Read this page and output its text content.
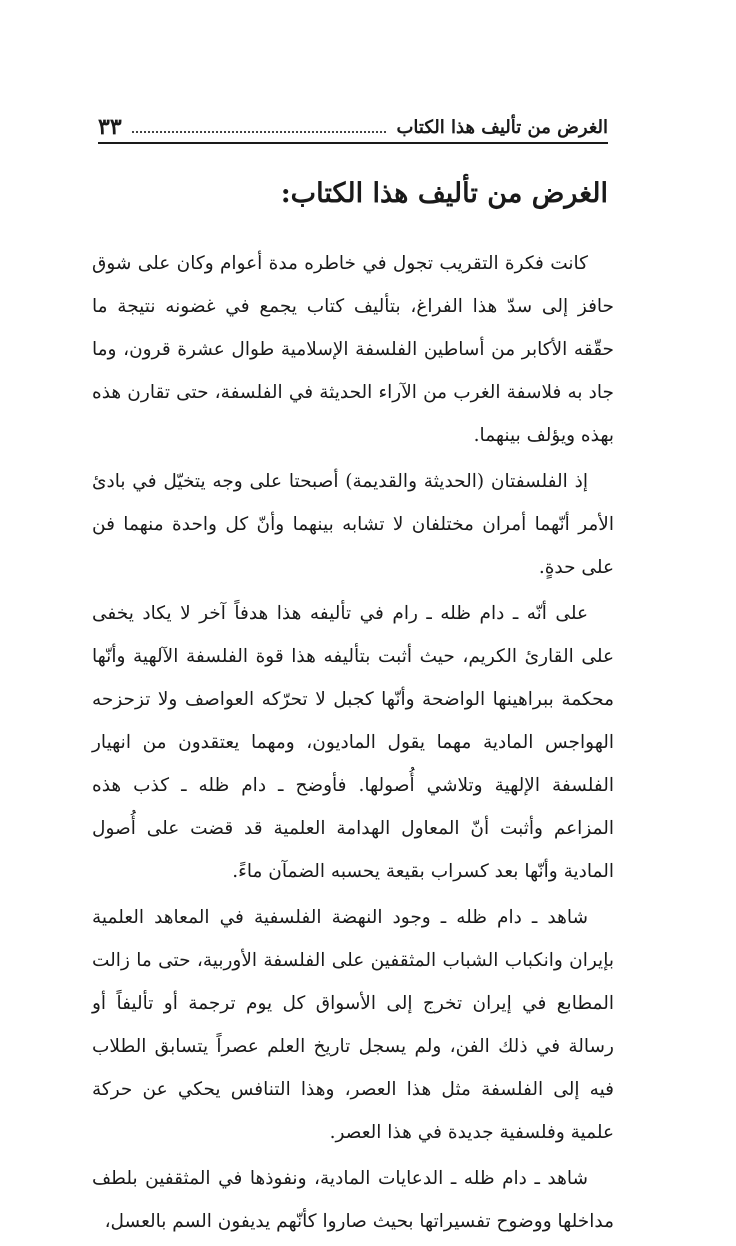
الغرض من تأليف هذا الكتاب
٣٣
الغرض من تأليف هذا الكتاب:

كانت فكرة التقريب تجول في خاطره مدة أعوام وكان على شوق حافز إلى سدّ هذا الفراغ، بتأليف كتاب يجمع في غضونه نتيجة ما حقّقه الأكابر من أساطين الفلسفة الإسلامية طوال عشرة قرون، وما جاد به فلاسفة الغرب من الآراء الحديثة في الفلسفة، حتى تقارن هذه بهذه ويؤلف بينهما.

إذ الفلسفتان (الحديثة والقديمة) أصبحتا على وجه يتخيّل في بادئ الأمر أنّهما أمران مختلفان لا تشابه بينهما وأنّ كل واحدة منهما فن على حدةٍ.

على أنّه ـ دام ظله ـ رام في تأليفه هذا هدفاً آخر لا يكاد يخفى على القارئ الكريم، حيث أثبت بتأليفه هذا قوة الفلسفة الآلهية وأنّها محكمة ببراهينها الواضحة وأنّها كجبل لا تحرّكه العواصف ولا تزحزحه الهواجس المادية مهما يقول الماديون، ومهما يعتقدون من انهيار الفلسفة الإلهية وتلاشي أُصولها. فأوضح ـ دام ظله ـ كذب هذه المزاعم وأثبت أنّ المعاول الهدامة العلمية قد قضت على أُصول المادية وأنّها بعد كسراب بقيعة يحسبه الضمآن ماءً.

شاهد ـ دام ظله ـ وجود النهضة الفلسفية في المعاهد العلمية بإيران وانكباب الشباب المثقفين على الفلسفة الأوربية، حتى ما زالت المطابع في إيران تخرج إلى الأسواق كل يوم ترجمة أو تأليفاً أو رسالة في ذلك الفن، ولم يسجل تاريخ العلم عصراً يتسابق الطلاب فيه إلى الفلسفة مثل هذا العصر، وهذا التنافس يحكي عن حركة علمية وفلسفية جديدة في هذا العصر.

شاهد ـ دام ظله ـ الدعايات المادية، ونفوذها في المثقفين بلطف مداخلها ووضوح تفسيراتها بحيث صاروا كأنّهم يديفون السم بالعسل،
